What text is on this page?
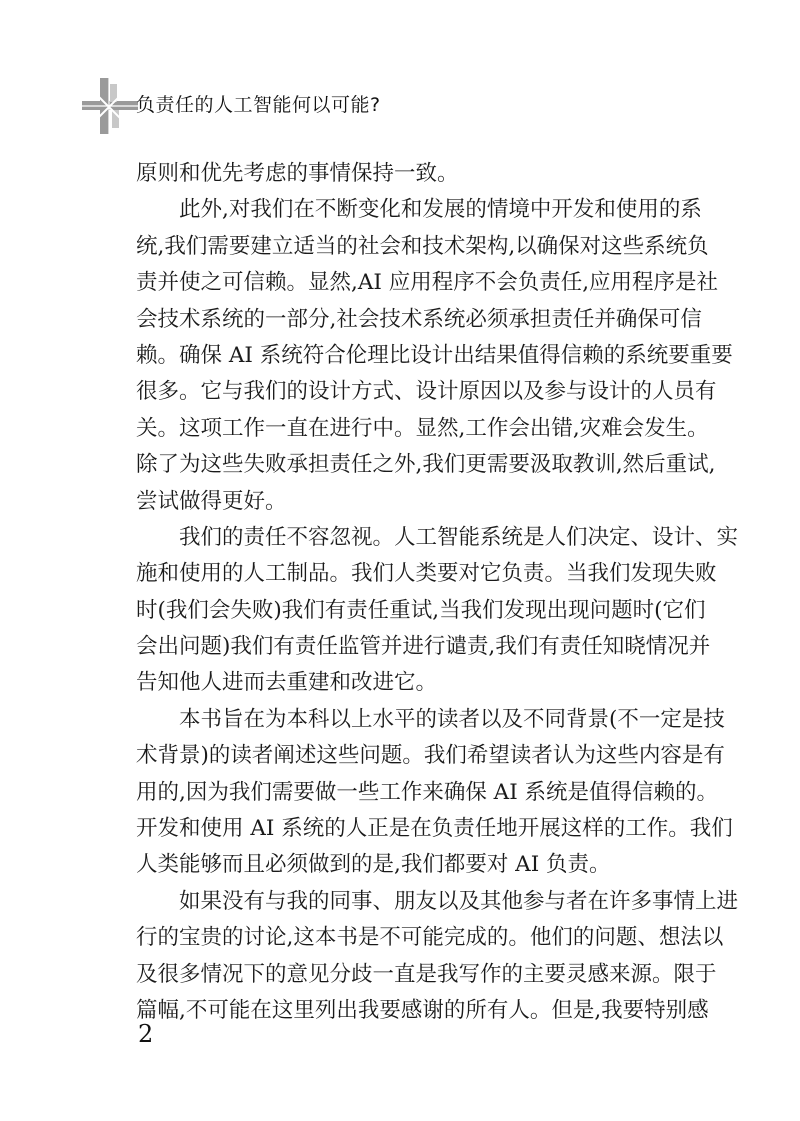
负责任的人工智能何以可能?
原则和优先考虑的事情保持一致。
此外,对我们在不断变化和发展的情境中开发和使用的系
统,我们需要建立适当的社会和技术架构,以确保对这些系统负
责并使之可信赖。显然,AI 应用程序不会负责任,应用程序是社
会技术系统的一部分,社会技术系统必须承担责任并确保可信
赖。确保 AI 系统符合伦理比设计出结果值得信赖的系统要重要
很多。它与我们的设计方式、设计原因以及参与设计的人员有
关。这项工作一直在进行中。显然,工作会出错,灾难会发生。
除了为这些失败承担责任之外,我们更需要汲取教训,然后重试,
尝试做得更好。
我们的责任不容忽视。人工智能系统是人们决定、设计、实
施和使用的人工制品。我们人类要对它负责。当我们发现失败
时(我们会失败)我们有责任重试,当我们发现出现问题时(它们
会出问题)我们有责任监管并进行谴责,我们有责任知晓情况并
告知他人进而去重建和改进它。
本书旨在为本科以上水平的读者以及不同背景(不一定是技
术背景)的读者阐述这些问题。我们希望读者认为这些内容是有
用的,因为我们需要做一些工作来确保 AI 系统是值得信赖的。
开发和使用 AI 系统的人正是在负责任地开展这样的工作。我们
人类能够而且必须做到的是,我们都要对 AI 负责。
如果没有与我的同事、朋友以及其他参与者在许多事情上进
行的宝贵的讨论,这本书是不可能完成的。他们的问题、想法以
及很多情况下的意见分歧一直是我写作的主要灵感来源。限于
篇幅,不可能在这里列出我要感谢的所有人。但是,我要特别感
2
